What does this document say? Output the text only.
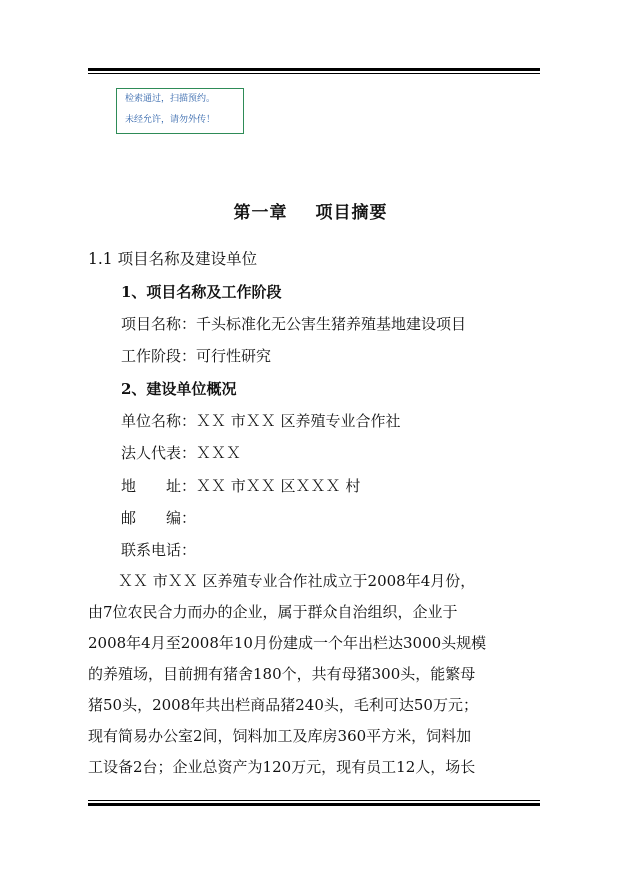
检索通过，扫描预约。
未经允许，请勿外传！
第一章 项目摘要
1.1 项目名称及建设单位
1、项目名称及工作阶段
项目名称：千头标准化无公害生猪养殖基地建设项目
工作阶段：可行性研究
2、建设单位概况
单位名称：ＸＸ 市ＸＸ 区养殖专业合作社
法人代表：ＸＸＸ
地　　址：ＸＸ 市ＸＸ 区ＸＸＸ 村
邮　　编：
联系电话：
　　ＸＸ 市ＸＸ 区养殖专业合作社成立于2008年4月份，
由7位农民合力而办的企业，属于群众自治组织，企业于
2008年4月至2008年10月份建成一个年出栏达3000头规模
的养殖场，目前拥有猪舍180个，共有母猪300头，能繁母
猪50头，2008年共出栏商品猪240头，毛利可达50万元；
现有简易办公室2间，饲料加工及库房360平方米，饲料加
工设备2台；企业总资产为120万元，现有员工12人，场长
